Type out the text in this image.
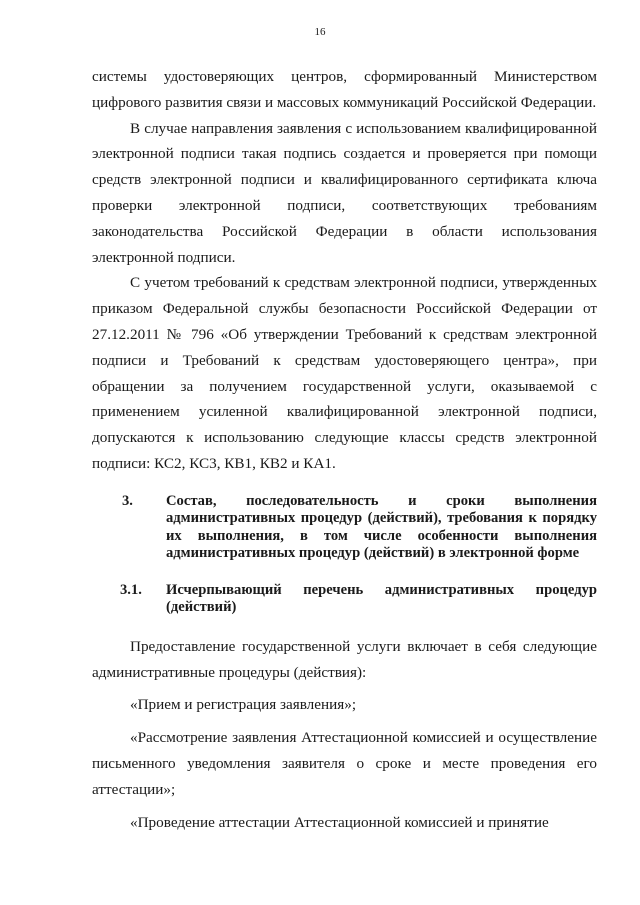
16

системы удостоверяющих центров, сформированный Министерством цифрового развития связи и массовых коммуникаций Российской Федерации.

В случае направления заявления с использованием квалифицированной электронной подписи такая подпись создается и проверяется при помощи средств электронной подписи и квалифицированного сертификата ключа проверки электронной подписи, соответствующих требованиям законодательства Российской Федерации в области использования электронной подписи.

С учетом требований к средствам электронной подписи, утвержденных приказом Федеральной службы безопасности Российской Федерации от 27.12.2011 № 796 «Об утверждении Требований к средствам электронной подписи и Требований к средствам удостоверяющего центра», при обращении за получением государственной услуги, оказываемой с применением усиленной квалифицированной электронной подписи, допускаются к использованию следующие классы средств электронной подписи: КС2, КС3, КВ1, КВ2 и КА1.

3.	Состав, последовательность и сроки выполнения административных процедур (действий), требования к порядку их выполнения, в том числе особенности выполнения административных процедур (действий) в электронной форме
3.1.	Исчерпывающий перечень административных процедур (действий)

Предоставление государственной услуги включает в себя следующие административные процедуры (действия):

«Прием и регистрация заявления»;

«Рассмотрение заявления Аттестационной комиссией и осуществление письменного уведомления заявителя о сроке и месте проведения его аттестации»;

«Проведение аттестации Аттестационной комиссией и принятие
